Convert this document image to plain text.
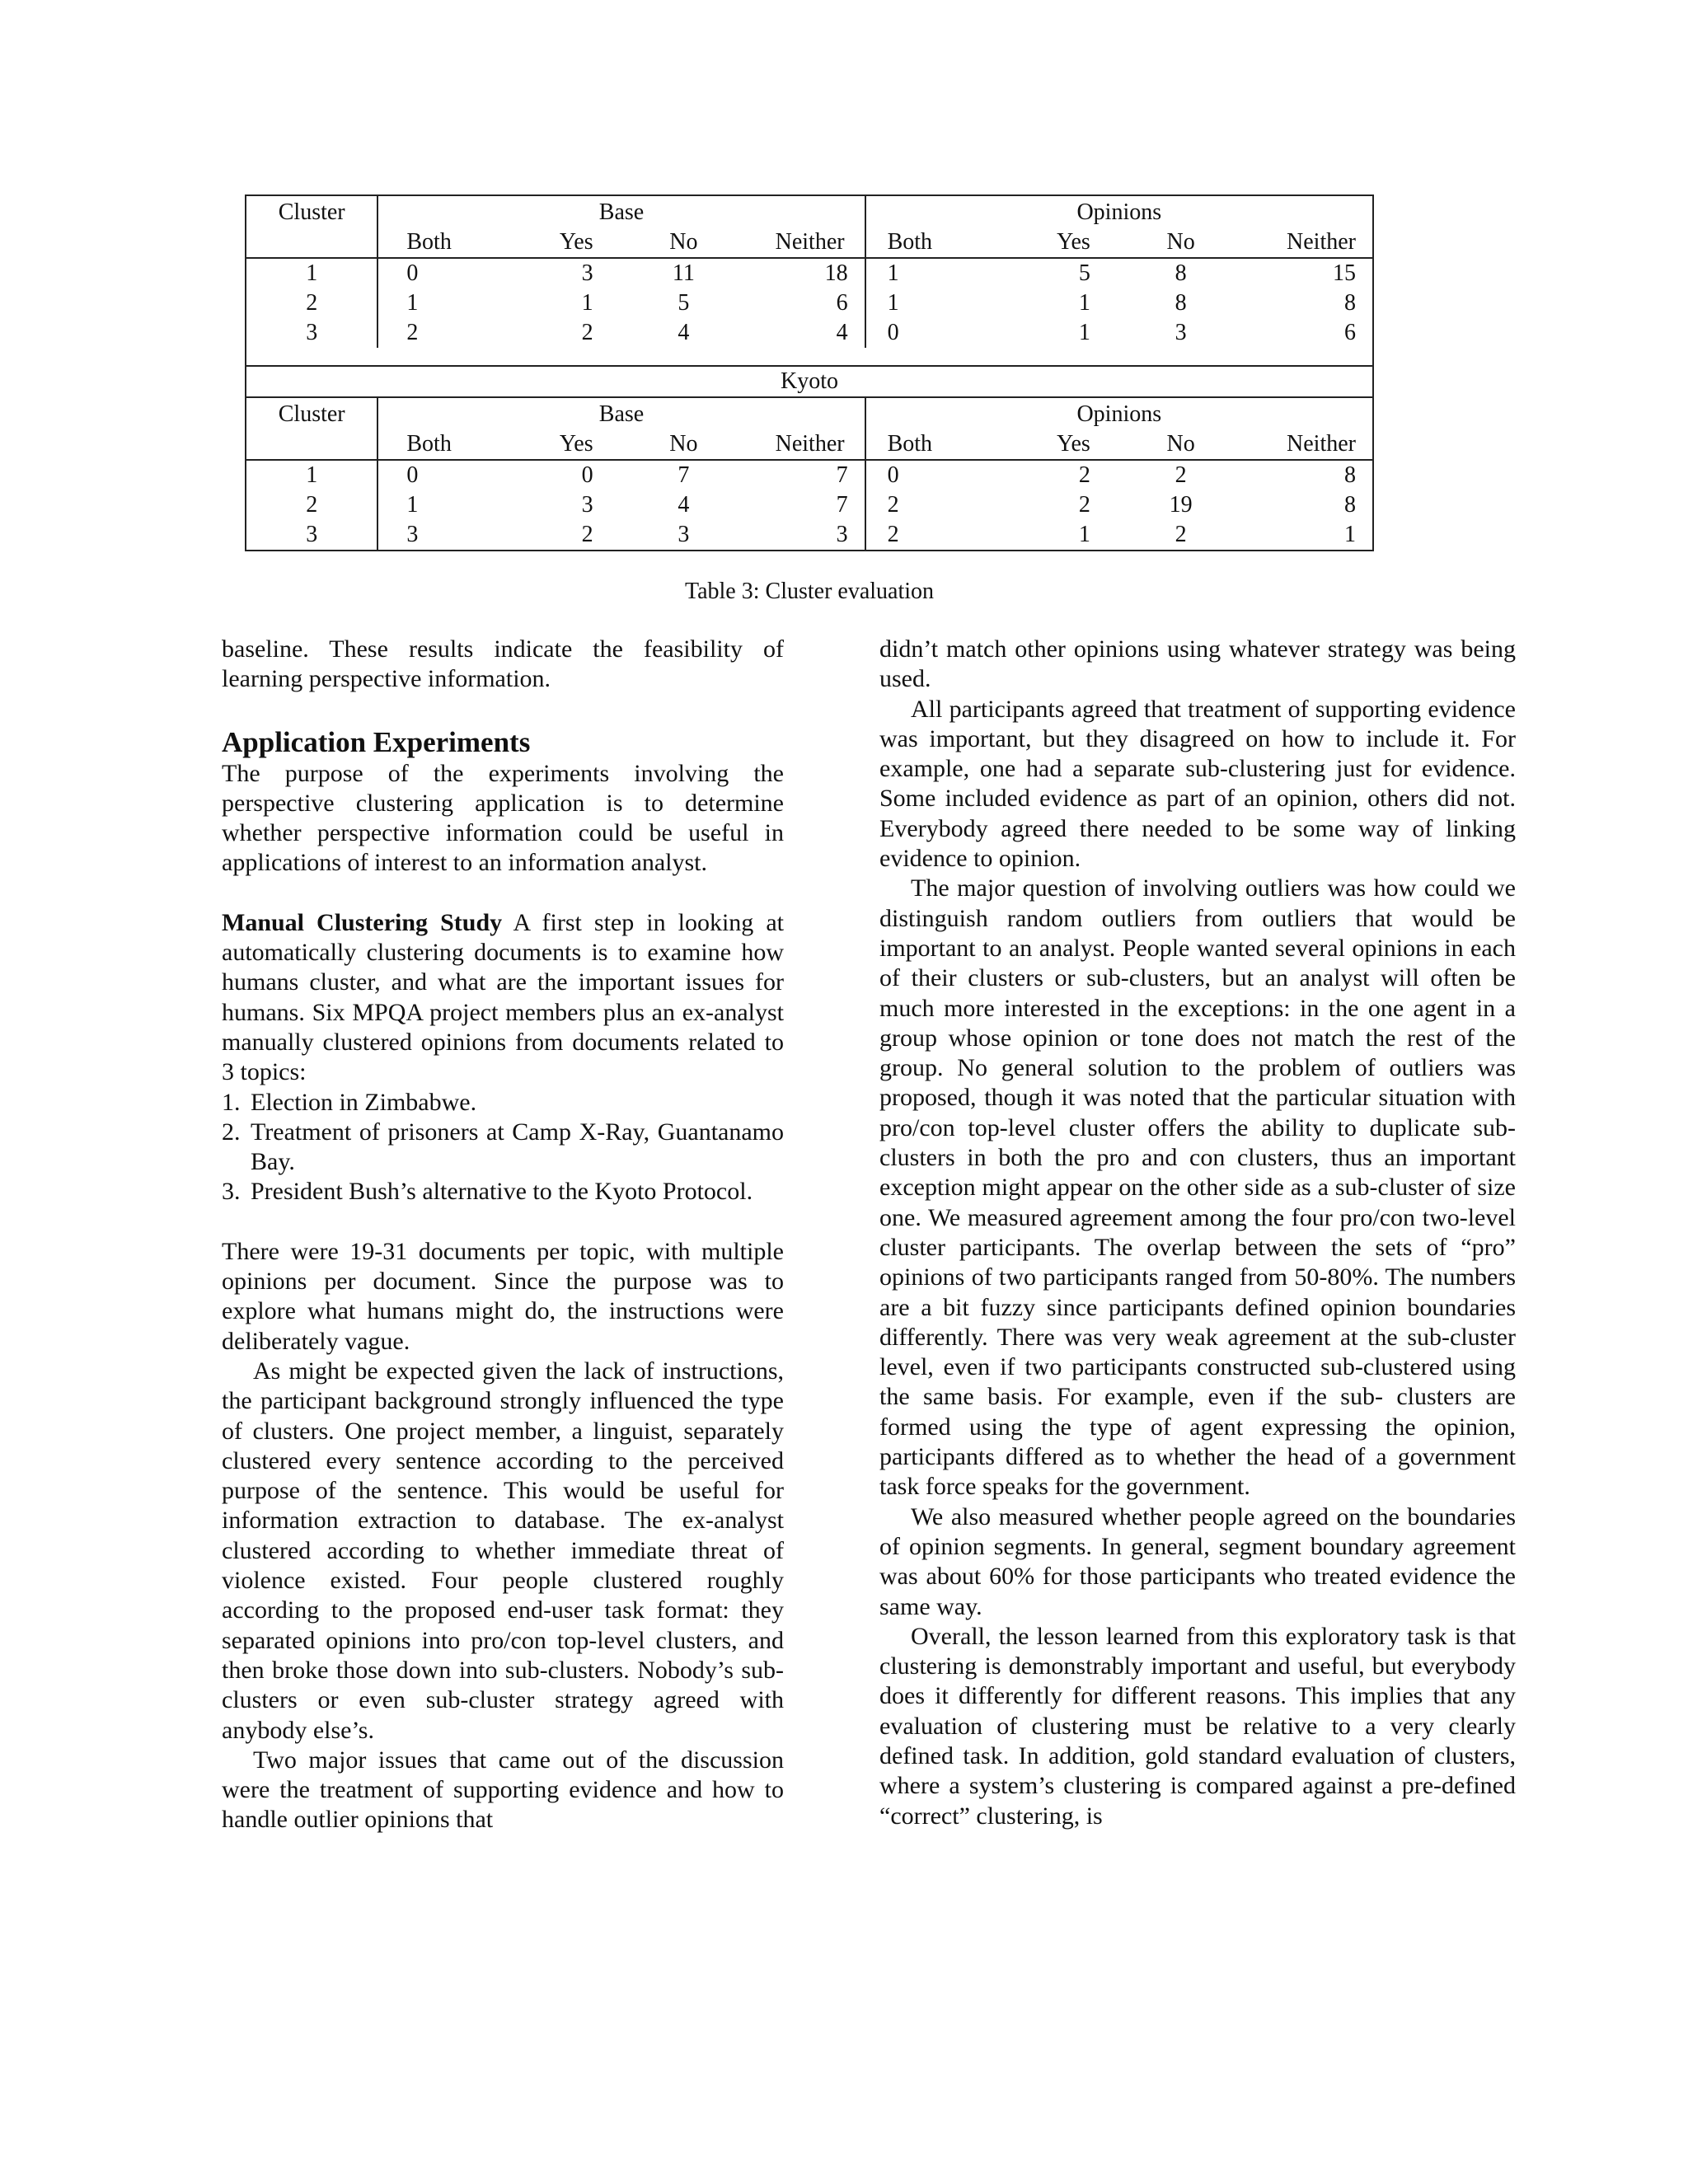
Cluster	Base				Opinions			
	Both	Yes	No	Neither	Both	Yes	No	Neither
1	0	3	11	18	1	5	8	15
2	1	1	5	6	1	1	8	8
3	2	2	4	4	0	1	3	6

Kyoto								
Cluster	Base				Opinions			
	Both	Yes	No	Neither	Both	Yes	No	Neither
1	0	0	7	7	0	2	2	8
2	1	3	4	7	2	2	19	8
3	3	2	3	3	2	1	2	1
Table 3: Cluster evaluation

baseline. These results indicate the feasibility of learning perspective information.

Application Experiments

The purpose of the experiments involving the perspective clustering application is to determine whether perspective information could be useful in applications of interest to an information analyst.

Manual Clustering Study A first step in looking at automatically clustering documents is to examine how humans cluster, and what are the important issues for humans. Six MPQA project members plus an ex-analyst manually clustered opinions from documents related to 3 topics:

1. Election in Zimbabwe.
2. Treatment of prisoners at Camp X-Ray, Guantanamo Bay.
3. President Bush’s alternative to the Kyoto Protocol.

There were 19-31 documents per topic, with multiple opinions per document. Since the purpose was to explore what humans might do, the instructions were deliberately vague.

As might be expected given the lack of instructions, the participant background strongly influenced the type of clusters. One project member, a linguist, separately clustered every sentence according to the perceived purpose of the sentence. This would be useful for information extraction to database. The ex-analyst clustered according to whether immediate threat of violence existed. Four people clustered roughly according to the proposed end-user task format: they separated opinions into pro/con top-level clusters, and then broke those down into sub-clusters. Nobody’s sub-clusters or even sub-cluster strategy agreed with anybody else’s.

Two major issues that came out of the discussion were the treatment of supporting evidence and how to handle outlier opinions that

didn’t match other opinions using whatever strategy was being used.

All participants agreed that treatment of supporting evidence was important, but they disagreed on how to include it. For example, one had a separate sub-clustering just for evidence. Some included evidence as part of an opinion, others did not. Everybody agreed there needed to be some way of linking evidence to opinion.

The major question of involving outliers was how could we distinguish random outliers from outliers that would be important to an analyst. People wanted several opinions in each of their clusters or sub-clusters, but an analyst will often be much more interested in the exceptions: in the one agent in a group whose opinion or tone does not match the rest of the group. No general solution to the problem of outliers was proposed, though it was noted that the particular situation with pro/con top-level cluster offers the ability to duplicate sub-clusters in both the pro and con clusters, thus an important exception might appear on the other side as a sub-cluster of size one. We measured agreement among the four pro/con two-level cluster participants. The overlap between the sets of “pro” opinions of two participants ranged from 50-80%. The numbers are a bit fuzzy since participants defined opinion boundaries differently. There was very weak agreement at the sub-cluster level, even if two participants constructed sub-clustered using the same basis. For example, even if the sub- clusters are formed using the type of agent expressing the opinion, participants differed as to whether the head of a government task force speaks for the government.

We also measured whether people agreed on the boundaries of opinion segments. In general, segment boundary agreement was about 60% for those participants who treated evidence the same way.

Overall, the lesson learned from this exploratory task is that clustering is demonstrably important and useful, but everybody does it differently for different reasons. This implies that any evaluation of clustering must be relative to a very clearly defined task. In addition, gold standard evaluation of clusters, where a system’s clustering is compared against a pre-defined “correct” clustering, is
